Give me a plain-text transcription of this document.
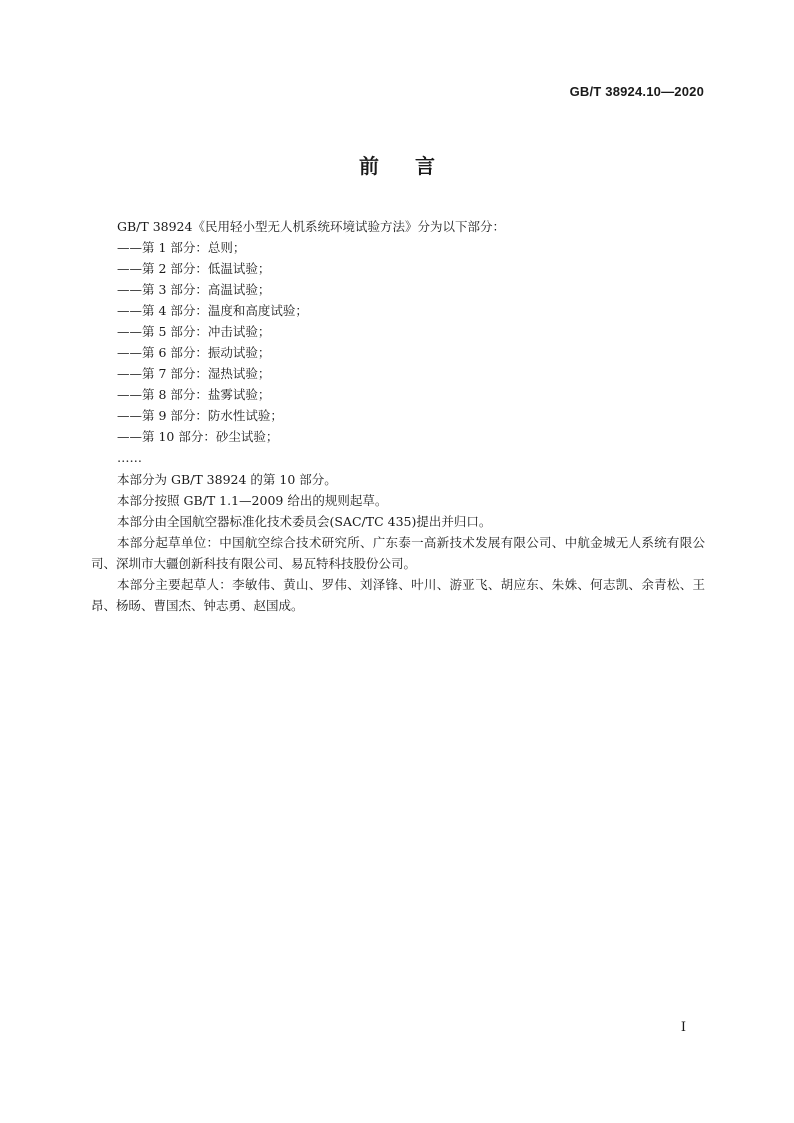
GB/T 38924.10—2020
前言
GB/T 38924《民用轻小型无人机系统环境试验方法》分为以下部分：
——第 1 部分：总则；
——第 2 部分：低温试验；
——第 3 部分：高温试验；
——第 4 部分：温度和高度试验；
——第 5 部分：冲击试验；
——第 6 部分：振动试验；
——第 7 部分：湿热试验；
——第 8 部分：盐雾试验；
——第 9 部分：防水性试验；
——第 10 部分：砂尘试验；
……
本部分为 GB/T 38924 的第 10 部分。
本部分按照 GB/T 1.1—2009 给出的规则起草。
本部分由全国航空器标准化技术委员会(SAC/TC 435)提出并归口。
本部分起草单位：中国航空综合技术研究所、广东泰一高新技术发展有限公司、中航金城无人系统有限公司、深圳市大疆创新科技有限公司、易瓦特科技股份公司。
本部分主要起草人：李敏伟、黄山、罗伟、刘泽锋、叶川、游亚飞、胡应东、朱姝、何志凯、余青松、王昂、杨旸、曹国杰、钟志勇、赵国成。
I
